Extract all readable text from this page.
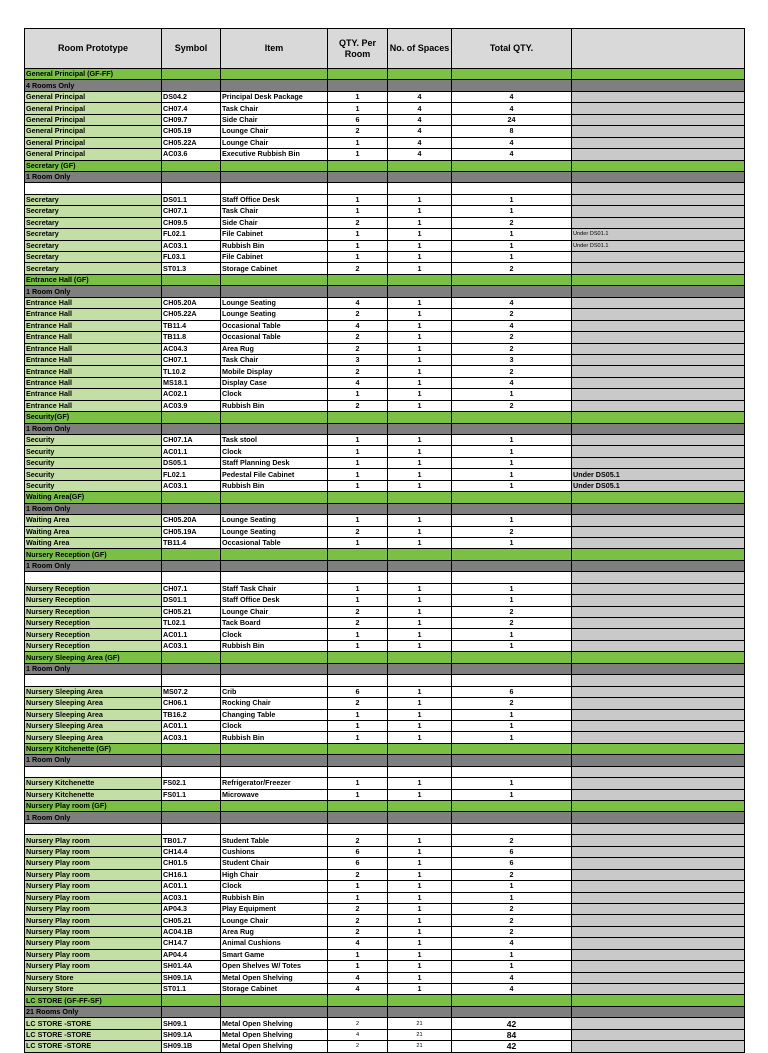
Room Prototype	Symbol	Item	QTY. Per Room	No. of Spaces	Total QTY.	
General Principal (GF-FF)						
4 Rooms Only						
General Principal	DS04.2	Principal Desk Package	1	4	4	
General Principal	CH07.4	Task Chair	1	4	4	
General Principal	CH09.7	Side Chair	6	4	24	
General Principal	CH05.19	Lounge Chair	2	4	8	
General Principal	CH05.22A	Lounge Chair	1	4	4	
General Principal	AC03.6	Executive Rubbish Bin	1	4	4	
Secretary (GF)						
1 Room Only						

Secretary	DS01.1	Staff Office Desk	1	1	1	
Secretary	CH07.1	Task Chair	1	1	1	
Secretary	CH09.5	Side Chair	2	1	2	
Secretary	FL02.1	File Cabinet	1	1	1	Under DS01.1
Secretary	AC03.1	Rubbish Bin	1	1	1	Under DS01.1
Secretary	FL03.1	File Cabinet	1	1	1	
Secretary	ST01.3	Storage Cabinet	2	1	2	
Entrance Hall (GF)						
1 Room Only						
Entrance Hall	CH05.20A	Lounge Seating	4	1	4	
Entrance Hall	CH05.22A	Lounge Seating	2	1	2	
Entrance Hall	TB11.4	Occasional Table	4	1	4	
Entrance Hall	TB11.8	Occasional Table	2	1	2	
Entrance Hall	AC04.3	Area Rug	2	1	2	
Entrance Hall	CH07.1	Task Chair	3	1	3	
Entrance Hall	TL10.2	Mobile Display	2	1	2	
Entrance Hall	MS18.1	Display Case	4	1	4	
Entrance Hall	AC02.1	Clock	1	1	1	
Entrance Hall	AC03.9	Rubbish Bin	2	1	2	
Security(GF)						
1 Room Only						
Security	CH07.1A	Task stool	1	1	1	
Security	AC01.1	Clock	1	1	1	
Security	DS05.1	Staff Planning Desk	1	1	1	
Security	FL02.1	Pedestal File Cabinet	1	1	1	Under DS05.1
Security	AC03.1	Rubbish Bin	1	1	1	Under DS05.1
Waiting Area(GF)						
1 Room Only						
Waiting Area	CH05.20A	Lounge Seating	1	1	1	
Waiting Area	CH05.19A	Lounge Seating	2	1	2	
Waiting Area	TB11.4	Occasional Table	1	1	1	
Nursery Reception (GF)						
1 Room Only						

Nursery Reception	CH07.1	Staff Task Chair	1	1	1	
Nursery Reception	DS01.1	Staff Office Desk	1	1	1	
Nursery Reception	CH05.21	Lounge Chair	2	1	2	
Nursery Reception	TL02.1	Tack Board	2	1	2	
Nursery Reception	AC01.1	Clock	1	1	1	
Nursery Reception	AC03.1	Rubbish Bin	1	1	1	
Nursery Sleeping Area (GF)						
1 Room Only						

Nursery Sleeping Area	MS07.2	Crib	6	1	6	
Nursery Sleeping Area	CH06.1	Rocking Chair	2	1	2	
Nursery Sleeping Area	TB16.2	Changing Table	1	1	1	
Nursery Sleeping Area	AC01.1	Clock	1	1	1	
Nursery Sleeping Area	AC03.1	Rubbish Bin	1	1	1	
Nursery Kitchenette (GF)						
1 Room Only						

Nursery Kitchenette	FS02.1	Refrigerator/Freezer	1	1	1	
Nursery Kitchenette	FS01.1	Microwave	1	1	1	
Nursery Play room (GF)						
1 Room Only						

Nursery Play room	TB01.7	Student Table	2	1	2	
Nursery Play room	CH14.4	Cushions	6	1	6	
Nursery Play room	CH01.5	Student Chair	6	1	6	
Nursery Play room	CH16.1	High Chair	2	1	2	
Nursery Play room	AC01.1	Clock	1	1	1	
Nursery Play room	AC03.1	Rubbish Bin	1	1	1	
Nursery Play room	AP04.3	Play Equipment	2	1	2	
Nursery Play room	CH05.21	Lounge Chair	2	1	2	
Nursery Play room	AC04.1B	Area Rug	2	1	2	
Nursery Play room	CH14.7	Animal Cushions	4	1	4	
Nursery Play room	AP04.4	Smart Game	1	1	1	
Nursery Play room	SH01.4A	Open Shelves W/ Totes	1	1	1	
Nursery Store	SH09.1A	Metal Open Shelving	4	1	4	
Nursery Store	ST01.1	Storage Cabinet	4	1	4	
LC STORE (GF-FF-SF)						
21 Rooms Only						
LC STORE -STORE	SH09.1	Metal Open Shelving	2	21	42	
LC STORE -STORE	SH09.1A	Metal Open Shelving	4	21	84	
LC STORE -STORE	SH09.1B	Metal Open Shelving	2	21	42	
